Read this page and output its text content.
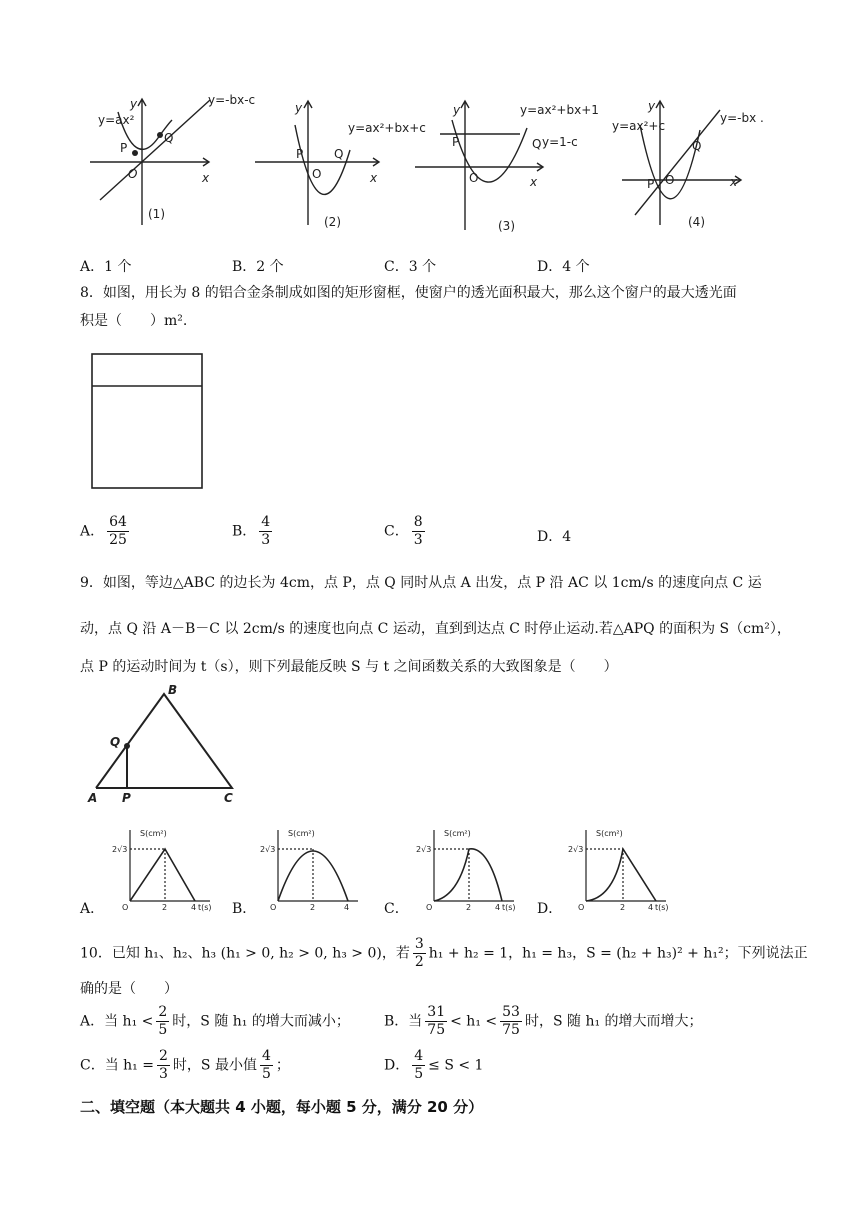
y=-bx-c
y=ax²
y
x
O
P
Q
(1)
y=ax²+bx+c
y
x
O
P	Q
(2)
y=ax²+bx+1
y=1-c
y
x
O
P	Q
(3)
y=ax²+c
y=-bx .
y
x
O
P
Q
(4)
A．1 个	B．2 个	C．3 个	D．4 个
8．如图，用长为 8 的铝合金条制成如图的矩形窗框，使窗户的透光面积最大，那么这个窗户的最大透光面
积是（　　）m².
A． $\frac{64}{25}$	B． $\frac{4}{3}$	C． $\frac{8}{3}$	D．4
9．如图，等边△ABC 的边长为 4cm，点 P，点 Q 同时从点 A 出发，点 P 沿 AC 以 1cm/s 的速度向点 C 运
动，点 Q 沿 A－B－C 以 2cm/s 的速度也向点 C 运动，直到到达点 C 时停止运动.若△APQ 的面积为 S（cm²），
点 P 的运动时间为 t（s），则下列最能反映 S 与 t 之间函数关系的大致图象是（　　）
B
Q
A P	C
A．
S(cm²)
2√3
O	2	4 t(s) B．
S(cm²)
2√3
O	2	4 C．
S(cm²)
2√3
O	2	4 t(s) D．
S(cm²)
2√3
O	2	4 t(s)
10．已知 h₁、h₂、h₃ (h₁ > 0, h₂ > 0, h₃ > 0)，若 $\frac{3}{2} h_1 + h_2 = 1$，h₁ = h₃，S = (h₂ + h₃)² + h₁²；下列说法正
确的是（　　）
A．当 $h_1 < \frac{2}{5}$ 时，S 随 h₁ 的增大而减小； B．当 $\frac{31}{75} < h_1 < \frac{53}{75}$ 时，S 随 h₁ 的增大而增大；
C．当 $h_1 = \frac{2}{3}$ 时，S 最小值 $\frac{4}{5}$ ；	D． $\frac{4}{5} \le S < 1$
二、填空题（本大题共 4 小题，每小题 5 分，满分 20 分）
